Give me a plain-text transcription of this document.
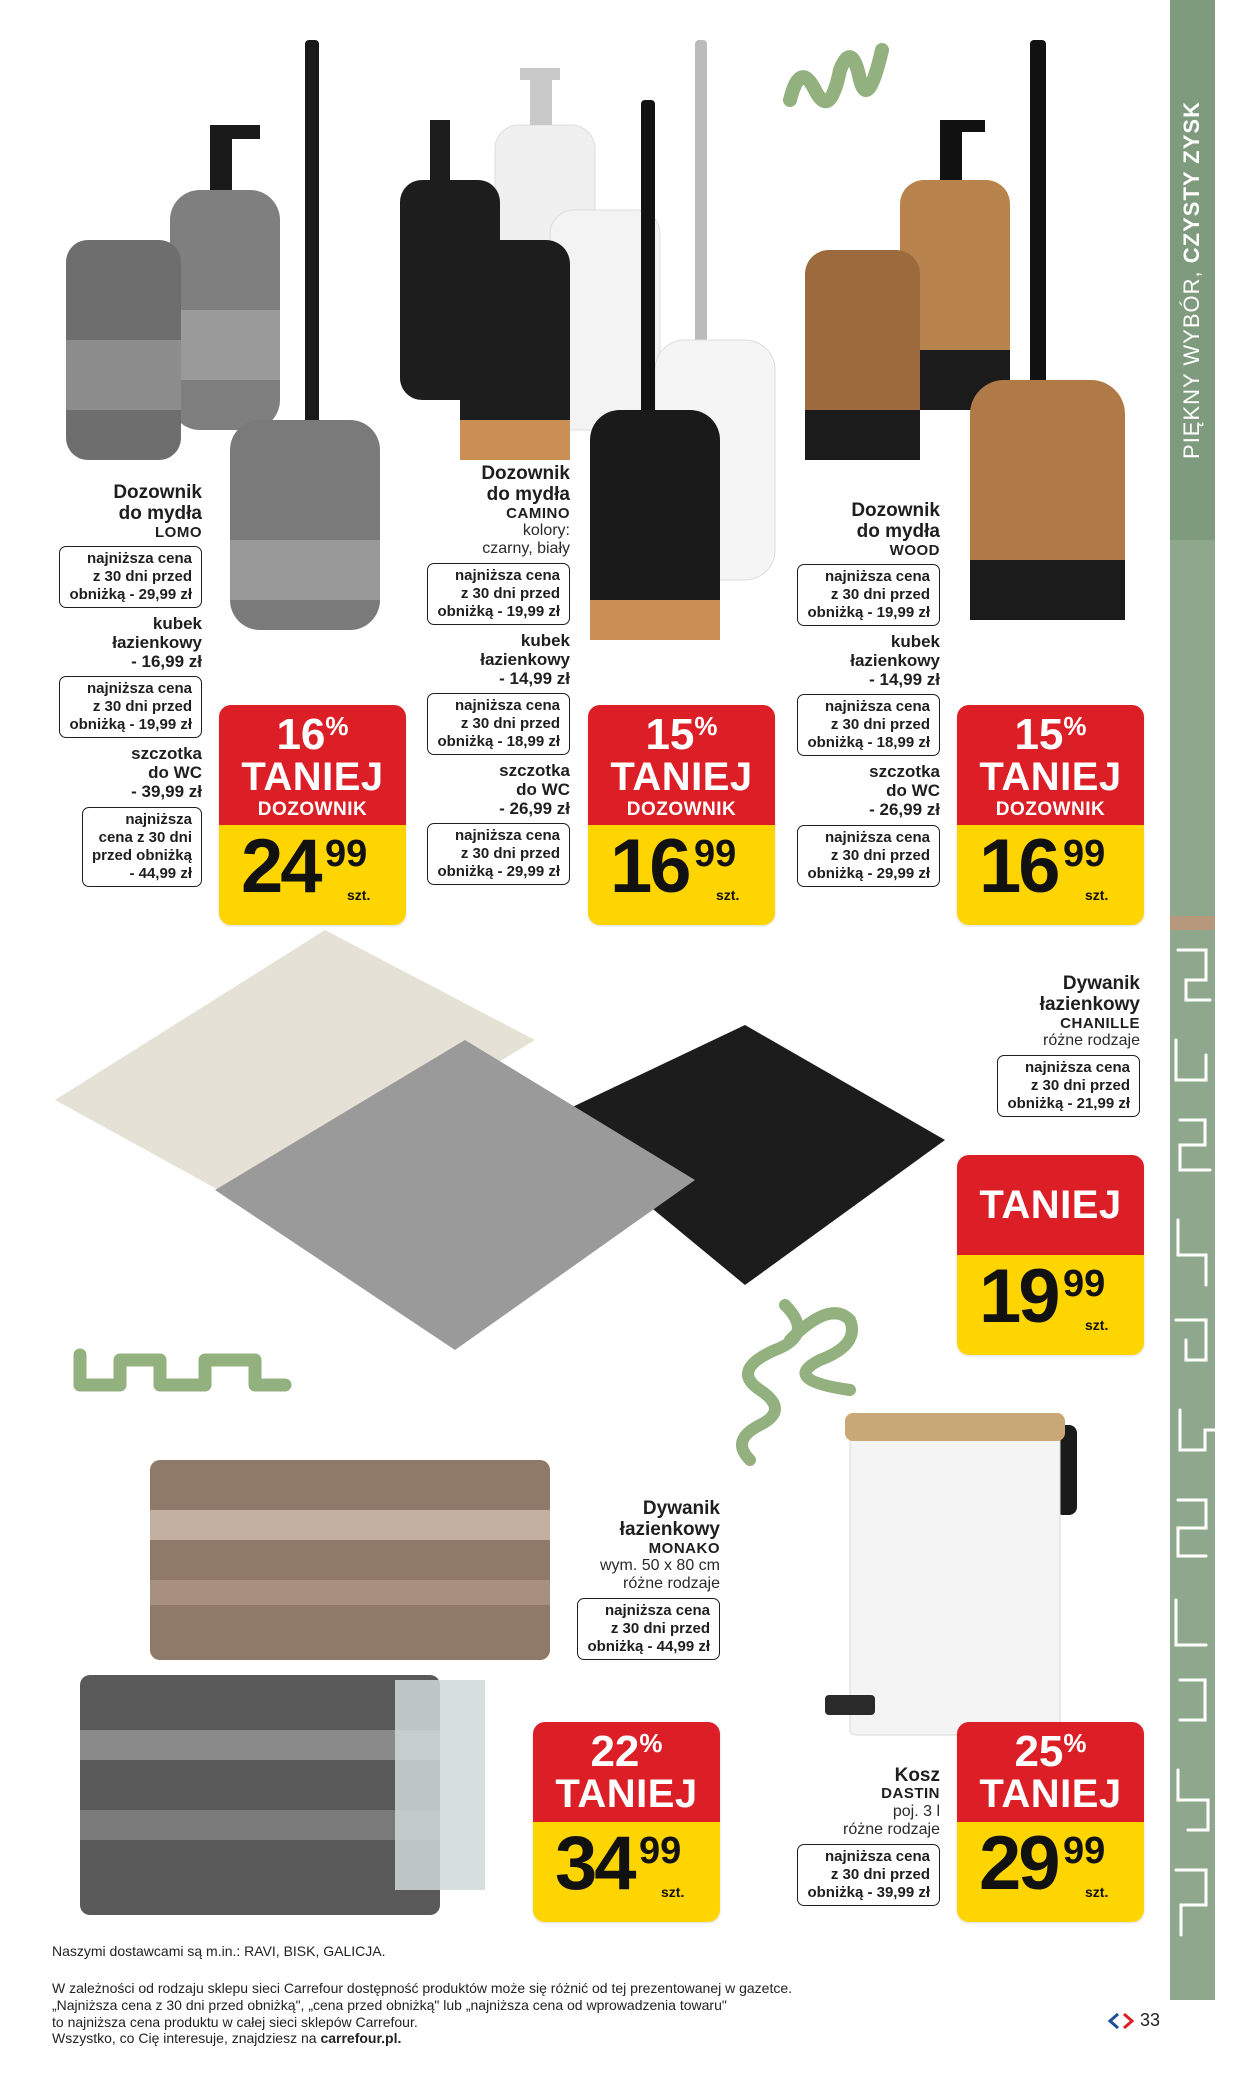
PIĘKNY WYBÓR, CZYSTY ZYSK
Dozownik
do mydła
LOMO
najniższa cena
z 30 dni przed
obniżką - 29,99 zł
kubek
łazienkowy
- 16,99 zł
najniższa cena
z 30 dni przed
obniżką - 19,99 zł
szczotka
do WC
- 39,99 zł
najniższa
cena z 30 dni
przed obniżką
- 44,99 zł
Dozownik
do mydła
CAMINO
kolory:
czarny, biały
najniższa cena
z 30 dni przed
obniżką - 19,99 zł
kubek
łazienkowy
- 14,99 zł
najniższa cena
z 30 dni przed
obniżką - 18,99 zł
szczotka
do WC
- 26,99 zł
najniższa cena
z 30 dni przed
obniżką - 29,99 zł
Dozownik
do mydła
WOOD
najniższa cena
z 30 dni przed
obniżką - 19,99 zł
kubek
łazienkowy
- 14,99 zł
najniższa cena
z 30 dni przed
obniżką - 18,99 zł
szczotka
do WC
- 26,99 zł
najniższa cena
z 30 dni przed
obniżką - 29,99 zł
16%
TANIEJ
DOZOWNIK
24 99
szt.
15%
TANIEJ
DOZOWNIK
16 99
szt.
15%
TANIEJ
DOZOWNIK
16 99
szt.
Dywanik
łazienkowy
CHANILLE
różne rodzaje
najniższa cena
z 30 dni przed
obniżką - 21,99 zł
TANIEJ
19 99
szt.
Dywanik
łazienkowy
MONAKO
wym. 50 x 80 cm
różne rodzaje
najniższa cena
z 30 dni przed
obniżką - 44,99 zł
22%
TANIEJ
34 99
szt.
Kosz
DASTIN
poj. 3 l
różne rodzaje
najniższa cena
z 30 dni przed
obniżką - 39,99 zł
25%
TANIEJ
29 99
szt.
Naszymi dostawcami są m.in.: RAVI, BISK, GALICJA.
W zależności od rodzaju sklepu sieci Carrefour dostępność produktów może się różnić od tej prezentowanej w gazetce.
„Najniższa cena z 30 dni przed obniżką", „cena przed obniżką" lub „najniższa cena od wprowadzenia towaru"
to najniższa cena produktu w całej sieci sklepów Carrefour.
Wszystko, co Cię interesuje, znajdziesz na carrefour.pl.
33
